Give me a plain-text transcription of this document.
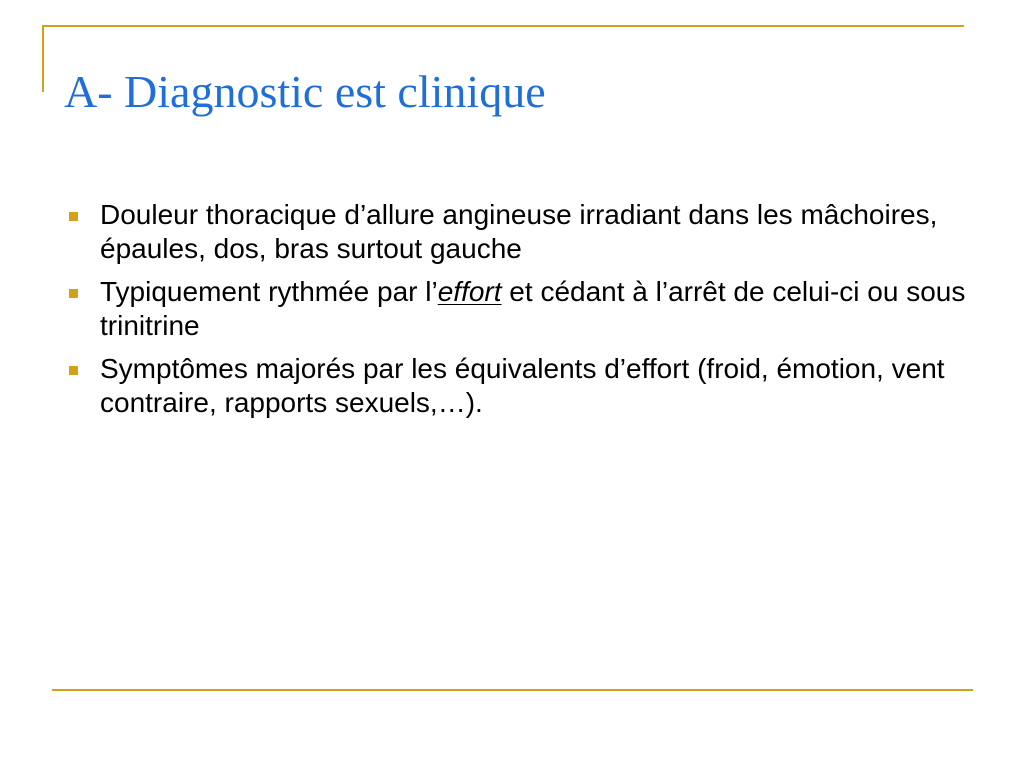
A- Diagnostic est clinique
Douleur thoracique d’allure angineuse irradiant dans les mâchoires, épaules, dos, bras surtout gauche
Typiquement rythmée par l’effort et cédant à l’arrêt de celui-ci ou sous trinitrine
Symptômes majorés par les équivalents d’effort (froid, émotion, vent contraire, rapports sexuels,…).
